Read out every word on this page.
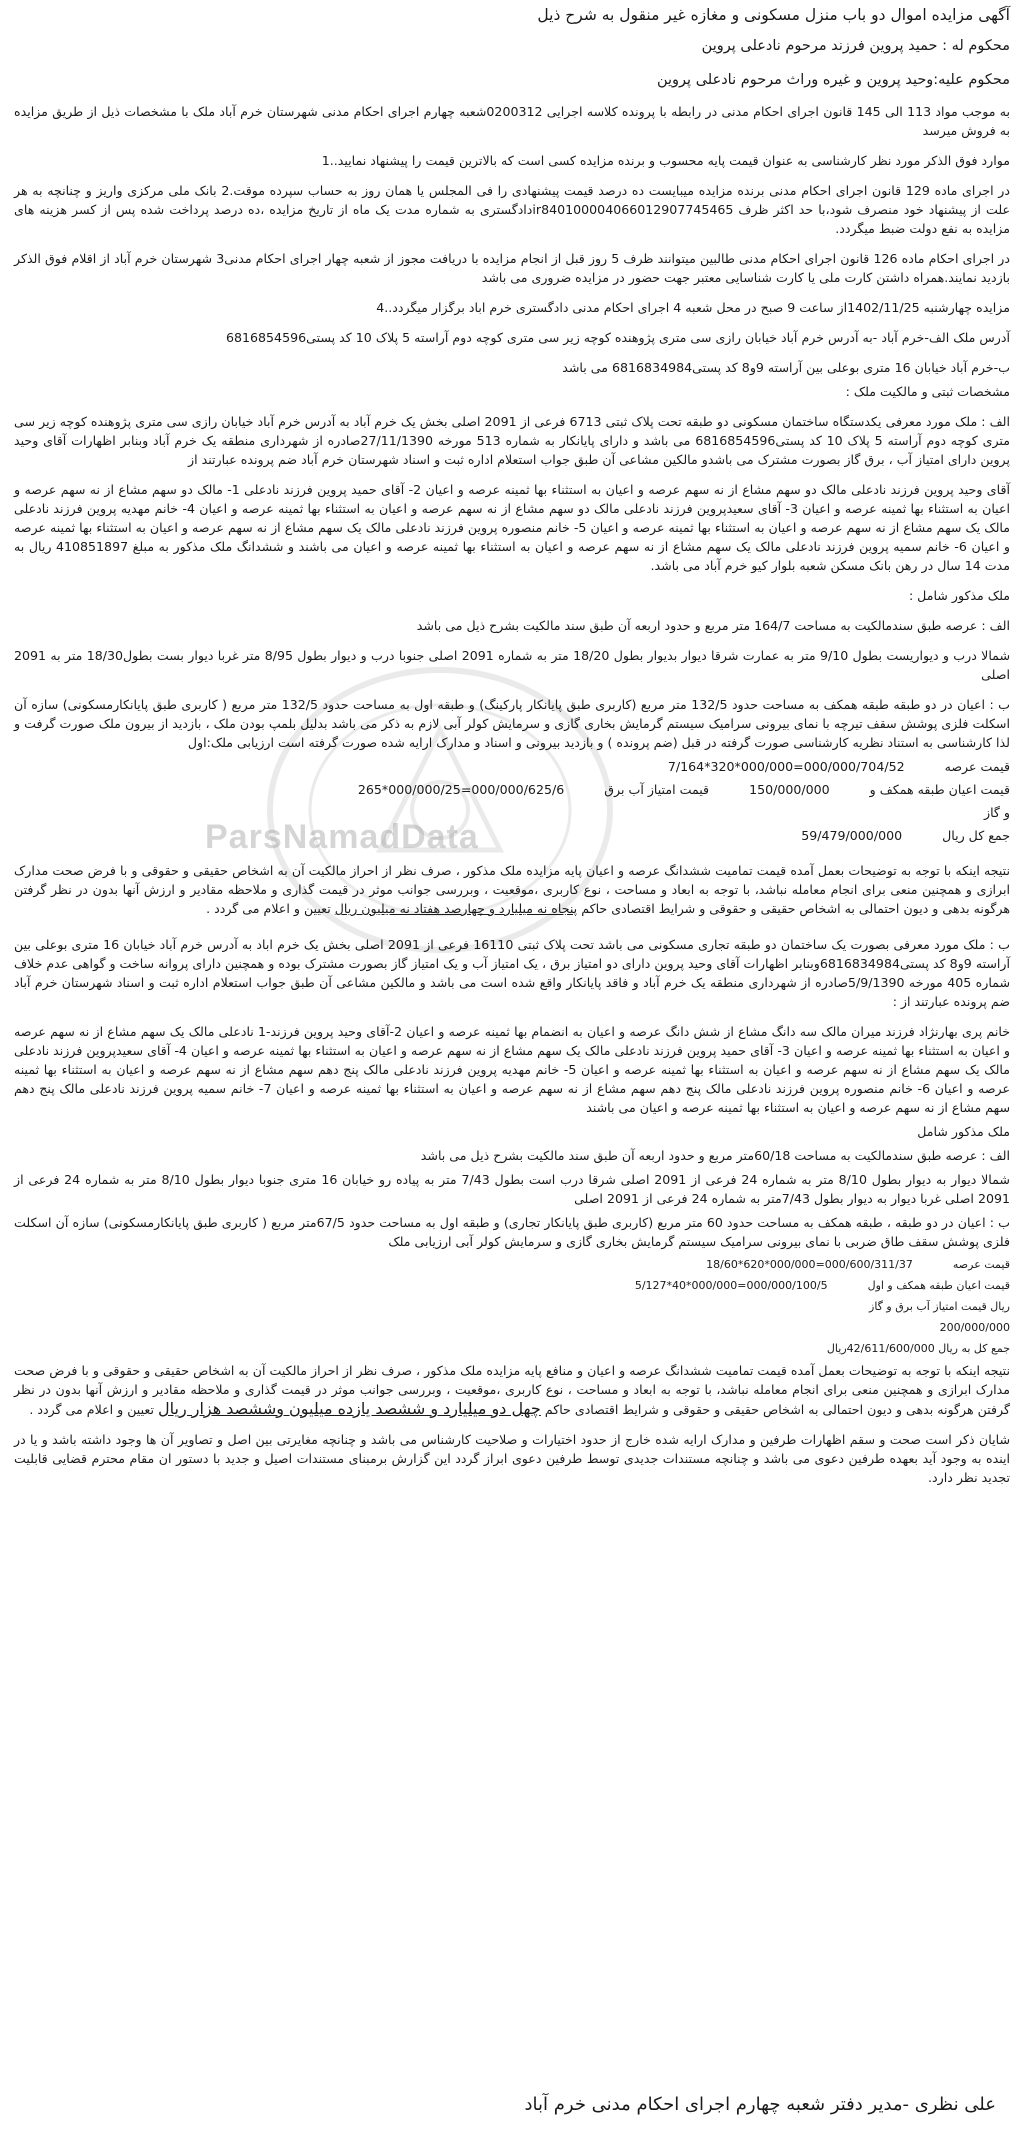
ParsNamadData

آگهی مزایده اموال دو باب منزل مسکونی و مغازه غیر منقول به شرح ذیل

محکوم له : حمید پروین فرزند مرحوم نادعلی پروین

محکوم علیه:وحید پروین و غیره وراث مرحوم نادعلی پروین

به موجب مواد 113 الی 145 قانون اجرای احکام مدنی در رابطه با پرونده کلاسه اجرایی 0200312شعبه چهارم اجرای احکام مدنی شهرستان خرم آباد ملک با مشخصات ذیل از طریق مزایده به فروش میرسد

موارد فوق الذکر مورد نظر کارشناسی به عنوان قیمت پایه محسوب و برنده مزایده کسی است که بالاترین قیمت را پیشنهاد نمایید..1

در اجرای ماده 129 قانون اجرای احکام مدنی برنده مزایده میبایست ده درصد قیمت پیشنهادی را فی المجلس یا همان روز به حساب سپرده موقت.2 بانک ملی مرکزی واریز و چنانچه به هر علت از پیشنهاد خود منصرف شود،با حد اکثر ظرف ir840100004066012907745465دادگستری به شماره مدت یک ماه از تاریخ مزایده ،ده درصد پرداخت شده پس از کسر هزینه های مزایده به نفع دولت ضبط میگردد.

در اجرای احکام ماده 126 قانون اجرای احکام مدنی طالبین میتوانند ظرف 5 روز قبل از انجام مزایده با دریافت مجوز از شعبه چهار اجرای احکام مدنی3 شهرستان خرم آباد از اقلام فوق الذکر بازدید نمایند.همراه داشتن کارت ملی یا کارت شناسایی معتبر جهت حضور در مزایده ضروری می باشد

مزایده چهارشنبه 1402/11/25از ساعت 9 صبح در محل شعبه 4 اجرای احکام مدنی دادگستری خرم اباد برگزار میگردد..4

آدرس ملک الف-خرم آباد -به آدرس خرم آباد خیابان رازی سی متری پژوهنده کوچه زیر سی متری کوچه دوم آراسته 5 پلاک 10 کد پستی6816854596

ب-خرم آباد خیابان 16 متری بوعلی بین آراسته 9و8 کد پستی6816834984 می باشد

مشخصات ثبتی و مالکیت ملک :

الف : ملک مورد معرفی یکدستگاه ساختمان مسکونی دو طبقه تحت پلاک ثبتی 6713 فرعی از 2091 اصلی بخش یک خرم آباد به آدرس خرم آباد خیابان رازی سی متری پژوهنده کوچه زیر سی متری کوچه دوم آراسته 5 پلاک 10 کد پستی6816854596 می باشد و دارای پایانکار به شماره 513 مورخه 27/11/1390صادره از شهرداری منطقه یک خرم آباد وبنابر اظهارات آقای وحید پروین دارای امتیاز آب ، برق گاز بصورت مشترک می باشدو مالکین مشاعی آن طبق جواب استعلام اداره ثبت و اسناد شهرستان خرم آباد ضم پرونده عبارتند از

آقای وحید پروین فرزند نادعلی مالک دو سهم مشاع از نه سهم عرصه و اعیان به استثناء بها ثمینه عرصه و اعیان 2- آقای حمید پروین فرزند نادعلی 1- مالک دو سهم مشاع از نه سهم عرصه و اعیان به استثناء بها ثمینه عرصه و اعیان 3- آقای سعیدپروین فرزند نادعلی مالک دو سهم مشاع از نه سهم عرصه و اعیان به استثناء بها ثمینه عرصه و اعیان 4- خانم مهدیه پروین فرزند نادعلی مالک یک سهم مشاع از نه سهم عرصه و اعیان به استثناء بها ثمینه عرصه و اعیان 5- خانم منصوره پروین فرزند نادعلی مالک یک سهم مشاع از نه سهم عرصه و اعیان به استثناء بها ثمینه عرصه و اعیان 6- خانم سمیه پروین فرزند نادعلی مالک یک سهم مشاع از نه سهم عرصه و اعیان به استثناء بها ثمینه عرصه و اعیان می باشند و ششدانگ ملک مذکور به مبلغ 410851897 ریال به مدت 14 سال در رهن بانک مسکن شعبه بلوار کیو خرم آباد می باشد.

ملک مذکور شامل :

الف : عرصه طبق سندمالکیت به مساحت 164/7 متر مربع و حدود اربعه آن طبق سند مالکیت بشرح ذیل می باشد

شمالا درب و دیواریست بطول 9/10 متر به عمارت شرقا دیوار بدیوار بطول 18/20 متر به شماره 2091 اصلی جنوبا درب و دیوار بطول 8/95 متر غربا دیوار بست بطول18/30 متر به 2091 اصلی

ب : اعیان در دو طبقه طبقه همکف به مساحت حدود 132/5 متر مربع (کاربری طبق پایانکار پارکینگ) و طبقه اول به مساحت حدود 132/5 متر مربع ( کاربری طبق پایانکارمسکونی) سازه آن اسکلت فلزی پوشش سقف تیرچه با نمای بیرونی سرامیک سیستم گرمایش بخاری گازی و سرمایش کولر آبی لازم به ذکر می باشد بدلیل بلمپ بودن ملک ، بازدید از بیرون ملک صورت گرفت و لذا کارشناسی به استناد نظریه کارشناسی صورت گرفته در قبل (ضم پرونده ) و بازدید بیرونی و اسناد و مدارک ارایه شده صورت گرفته است ارزیابی ملک:اول

قیمت عرصه
000/000/704/52=000/000*320*7/164
قیمت اعیان طبقه همکف و
150/000/000
قیمت امتیاز آب برق
000/000/625/6=000/000/25*265
و گاز
جمع کل ریال
59/479/000/000

نتیجه اینکه با توجه به توضیحات بعمل آمده قیمت تمامیت ششدانگ عرصه و اعیان پایه مزایده ملک مذکور ، صرف نظر از احراز مالکیت آن به اشخاص حقیقی و حقوقی و با فرض صحت مدارک ابرازی و همچنین منعی برای انجام معامله نباشد، با توجه به ابعاد و مساحت ، نوع کاربری ،موقعیت ، وبررسی جوانب موثر در قیمت گذاری و ملاحظه مقادیر و ارزش آنها بدون در نظر گرفتن هرگونه بدهی و دیون احتمالی به اشخاص حقیقی و حقوقی و شرایط اقتصادی حاکم پنجاه نه میلیارد و چهارصد هفتاد نه میلیون ریال تعیین و اعلام می گردد .

ب : ملک مورد معرفی بصورت یک ساختمان دو طبقه تجاری مسکونی می باشد تحت پلاک ثبتی 16110 فرعی از 2091 اصلی بخش یک خرم اباد به آدرس خرم آباد خیابان 16 متری بوعلی بین آراسته 9و8 کد پستی6816834984وبنابر اظهارات آقای وحید پروین دارای دو امتیاز برق ، یک امتیاز آب و یک امتیاز گاز بصورت مشترک بوده و همچنین دارای پروانه ساخت و گواهی عدم خلاف شماره 405 مورخه 5/9/1390صادره از شهرداری منطقه یک خرم آباد و فاقد پایانکار واقع شده است می باشد و مالکین مشاعی آن طبق جواب استعلام اداره ثبت و اسناد شهرستان خرم آباد ضم پرونده عبارتند از :

خانم پری بهارنژاد فرزند میران مالک سه دانگ مشاع از شش دانگ عرصه و اعیان به انضمام بها ثمینه عرصه و اعیان 2-آقای وحید پروین فرزند-1 نادعلی مالک یک سهم مشاع از نه سهم عرصه و اعیان به استثناء بها ثمینه عرصه و اعیان 3- آقای حمید پروین فرزند نادعلی مالک یک سهم مشاع از نه سهم عرصه و اعیان به استثناء بها ثمینه عرصه و اعیان 4- آقای سعیدپروین فرزند نادعلی مالک یک سهم مشاع از نه سهم عرصه و اعیان به استثناء بها ثمینه عرصه و اعیان 5- خانم مهدیه پروین فرزند نادعلی مالک پنج دهم سهم مشاع از نه سهم عرصه و اعیان به استثناء بها ثمینه عرصه و اعیان 6- خانم منصوره پروین فرزند نادعلی مالک پنج دهم سهم مشاع از نه سهم عرصه و اعیان به استثناء بها ثمینه عرصه و اعیان 7- خانم سمیه پروین فرزند نادعلی مالک پنج دهم سهم مشاع از نه سهم عرصه و اعیان به استثناء بها ثمینه عرصه و اعیان می باشند

ملک مذکور شامل

الف : عرصه طبق سندمالکیت به مساحت 60/18متر مربع و حدود اربعه آن طبق سند مالکیت بشرح ذیل می باشد

شمالا دیوار به دیوار بطول 8/10 متر به شماره 24 فرعی از 2091 اصلی شرقا درب است بطول 7/43 متر به پیاده رو خیابان 16 متری جنوبا دیوار بطول 8/10 متر به شماره 24 فرعی از 2091 اصلی غربا دیوار به دیوار بطول 7/43متر به شماره 24 فرعی از 2091 اصلی

ب : اعیان در دو طبقه ، طبقه همکف به مساحت حدود 60 متر مربع (کاربری طبق پایانکار تجاری) و طبقه اول به مساحت حدود 67/5متر مربع ( کاربری طبق پایانکارمسکونی) سازه آن اسکلت فلزی پوشش سقف طاق ضربی با نمای بیرونی سرامیک سیستم گرمایش بخاری گازی و سرمایش کولر آبی ارزیابی ملک

قیمت عرصه
000/600/311/37=000/000*620*18/60
قیمت اعیان طبقه همکف و اول
000/000/100/5=000/000*40*5/127
ریال قیمت امتیاز آب برق و گاز
200/000/000
جمع کل به ریال 42/611/600/000ریال

نتیجه اینکه با توجه به توضیحات بعمل آمده قیمت تمامیت ششدانگ عرصه و اعیان و منافع پایه مزایده ملک مذکور ، صرف نظر از احراز مالکیت آن به اشخاص حقیقی و حقوقی و با فرض صحت مدارک ابرازی و همچنین منعی برای انجام معامله نباشد، با توجه به ابعاد و مساحت ، نوع کاربری ،موقعیت ، وبررسی جوانب موثر در قیمت گذاری و ملاحظه مقادیر و ارزش آنها بدون در نظر گرفتن هرگونه بدهی و دیون احتمالی به اشخاص حقیقی و حقوقی و شرایط اقتصادی حاکم چهل دو میلیارد و ششصد یازده میلیون وششصد هزار ریال تعیین و اعلام می گردد .

شایان ذکر است صحت و سقم اظهارات طرفین و مدارک ارایه شده خارج از حدود اختیارات و صلاحیت کارشناس می باشد و چنانچه مغایرتی بین اصل و تصاویر آن ها وجود داشته باشد و یا در اینده به وجود آید بعهده طرفین دعوی می باشد و چنانچه مستندات جدیدی توسط طرفین دعوی ابراز گردد این گزارش برمبنای مستندات اصیل و جدید با دستور ان مقام محترم قضایی قابلیت تجدید نظر دارد.

علی نظری -مدیر دفتر شعبه چهارم اجرای احکام مدنی خرم آباد
